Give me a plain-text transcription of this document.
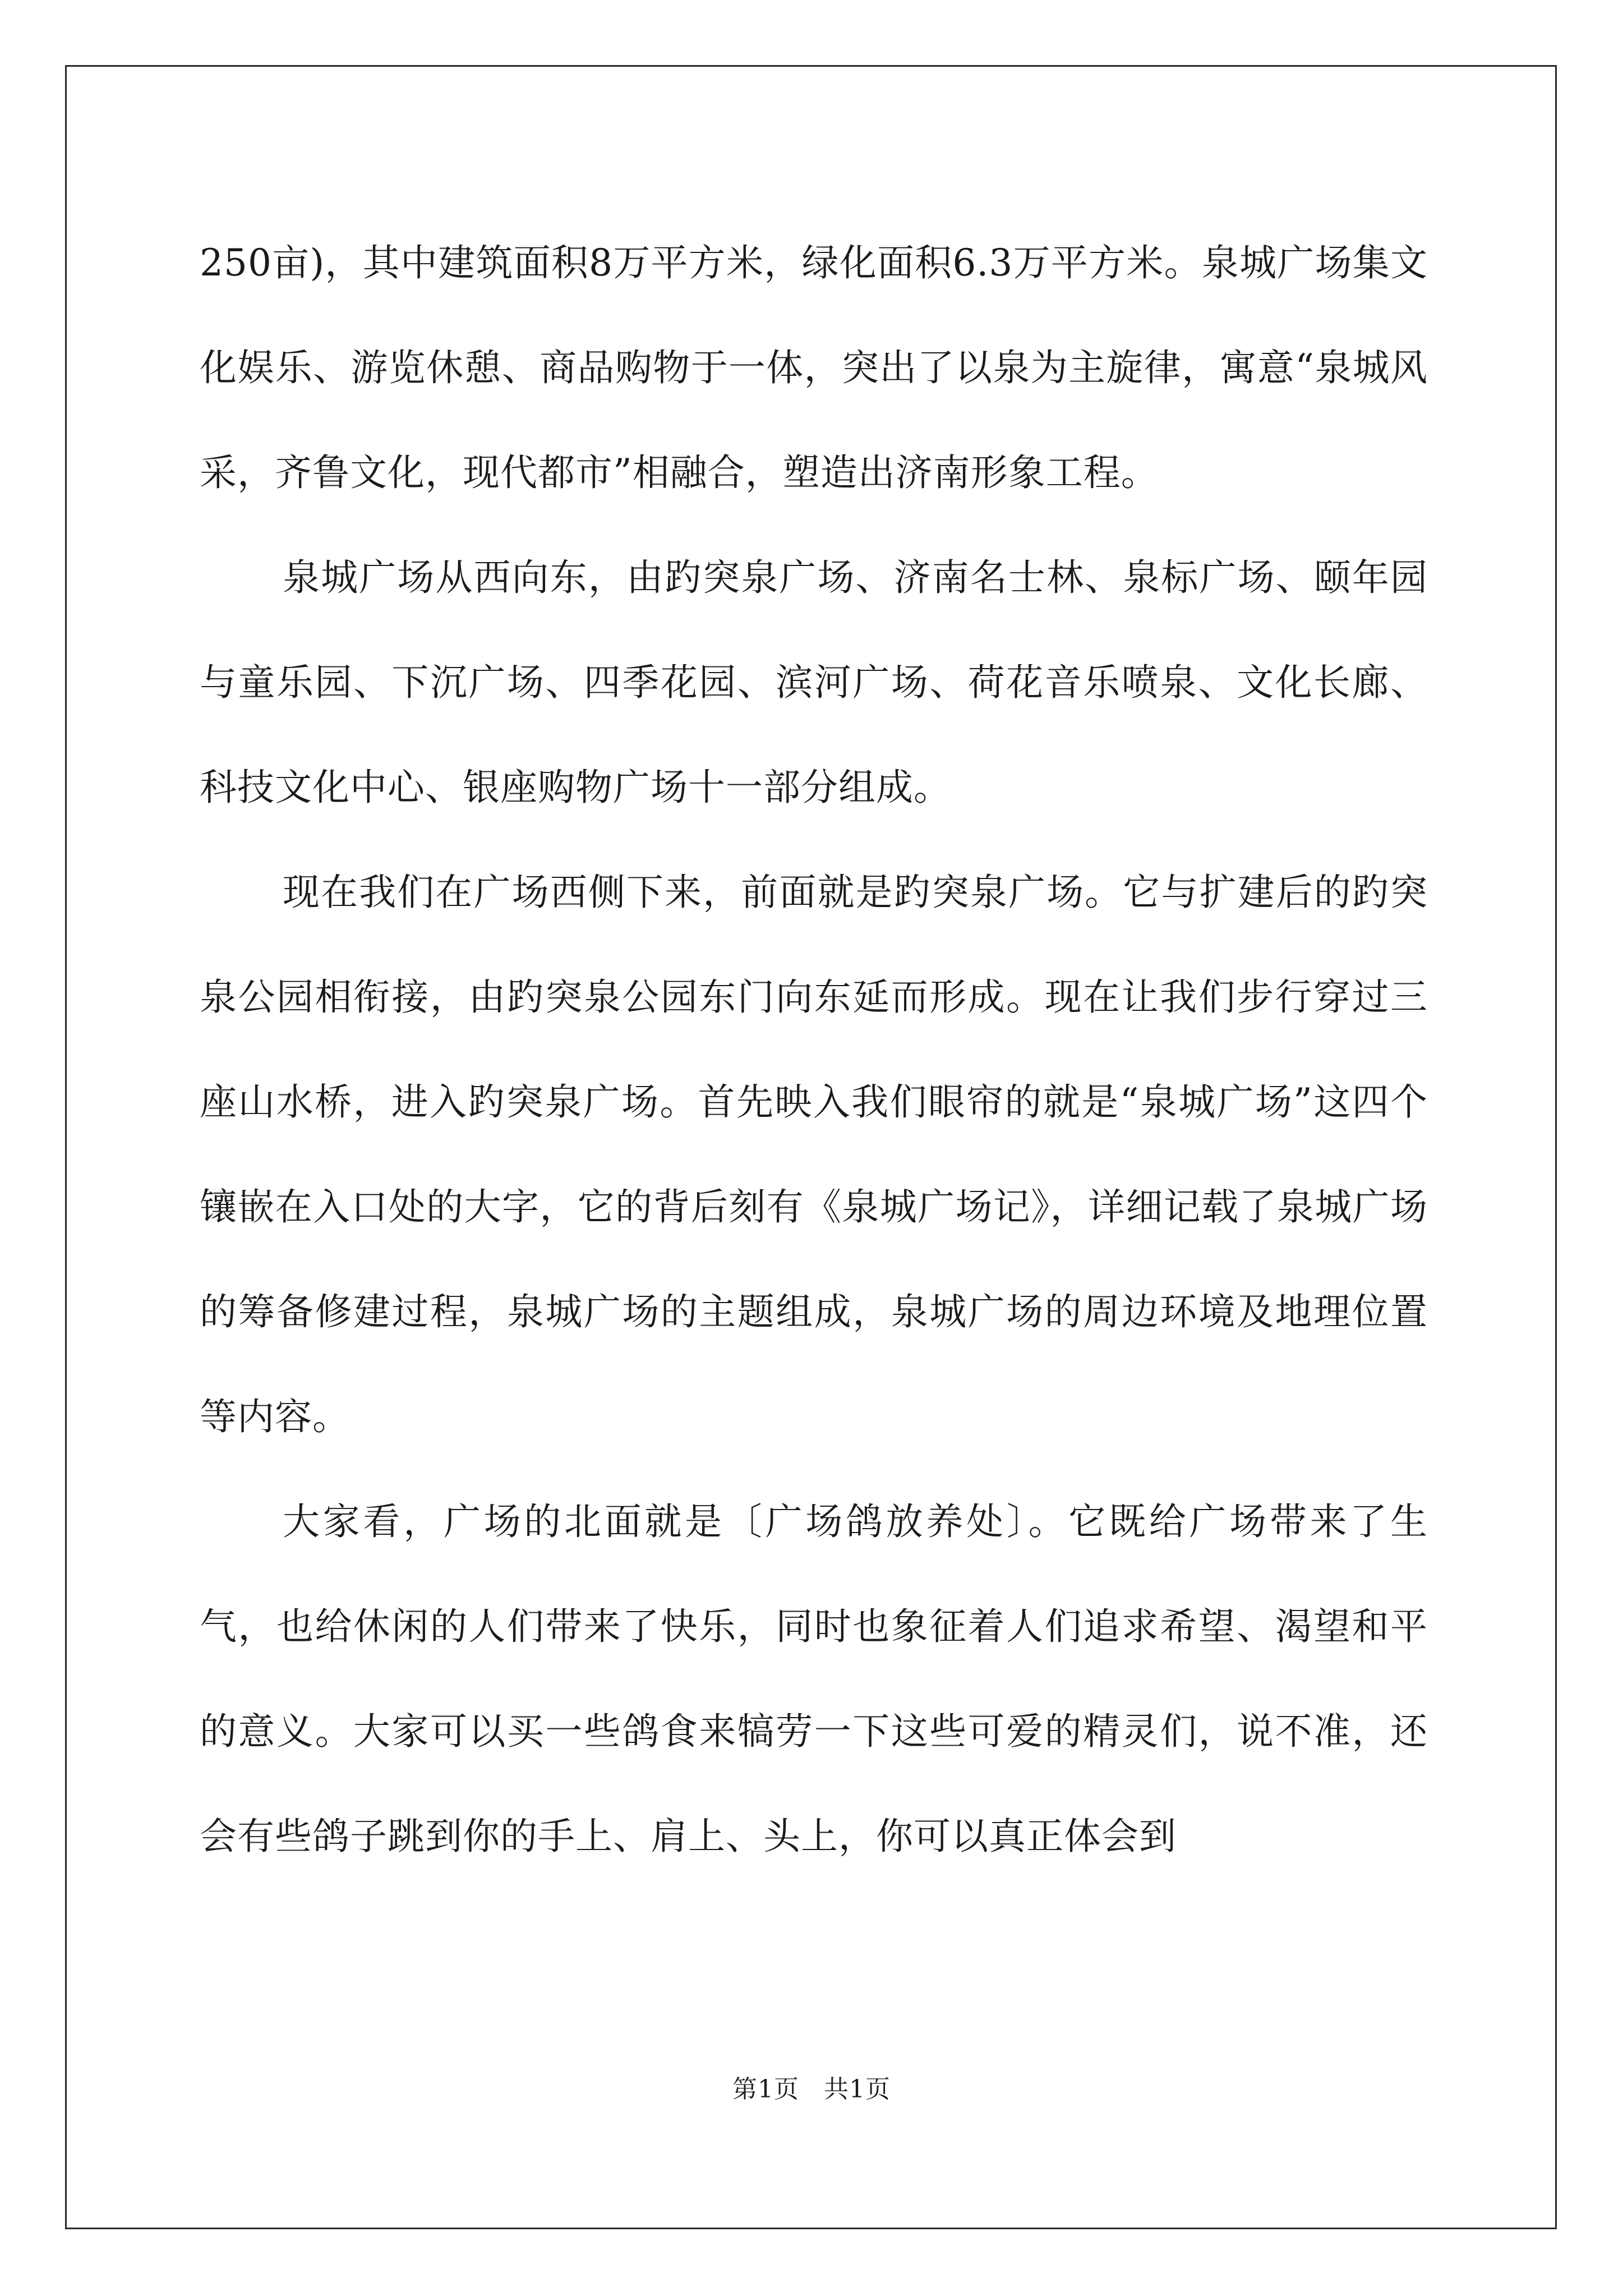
250亩)，其中建筑面积8万平方米，绿化面积6.3万平方米。泉城广场集文化娱乐、游览休憩、商品购物于一体，突出了以泉为主旋律，寓意“泉城风采，齐鲁文化，现代都市”相融合，塑造出济南形象工程。

泉城广场从西向东，由趵突泉广场、济南名士林、泉标广场、颐年园与童乐园、下沉广场、四季花园、滨河广场、荷花音乐喷泉、文化长廊、科技文化中心、银座购物广场十一部分组成。

现在我们在广场西侧下来，前面就是趵突泉广场。它与扩建后的趵突泉公园相衔接，由趵突泉公园东门向东延而形成。现在让我们步行穿过三座山水桥，进入趵突泉广场。首先映入我们眼帘的就是“泉城广场”这四个镶嵌在入口处的大字，它的背后刻有《泉城广场记》，详细记载了泉城广场的筹备修建过程，泉城广场的主题组成，泉城广场的周边环境及地理位置等内容。

大家看，广场的北面就是〔广场鸽放养处〕。它既给广场带来了生气，也给休闲的人们带来了快乐，同时也象征着人们追求希望、渴望和平的意义。大家可以买一些鸽食来犒劳一下这些可爱的精灵们，说不准，还会有些鸽子跳到你的手上、肩上、头上，你可以真正体会到

第1页 共1页
